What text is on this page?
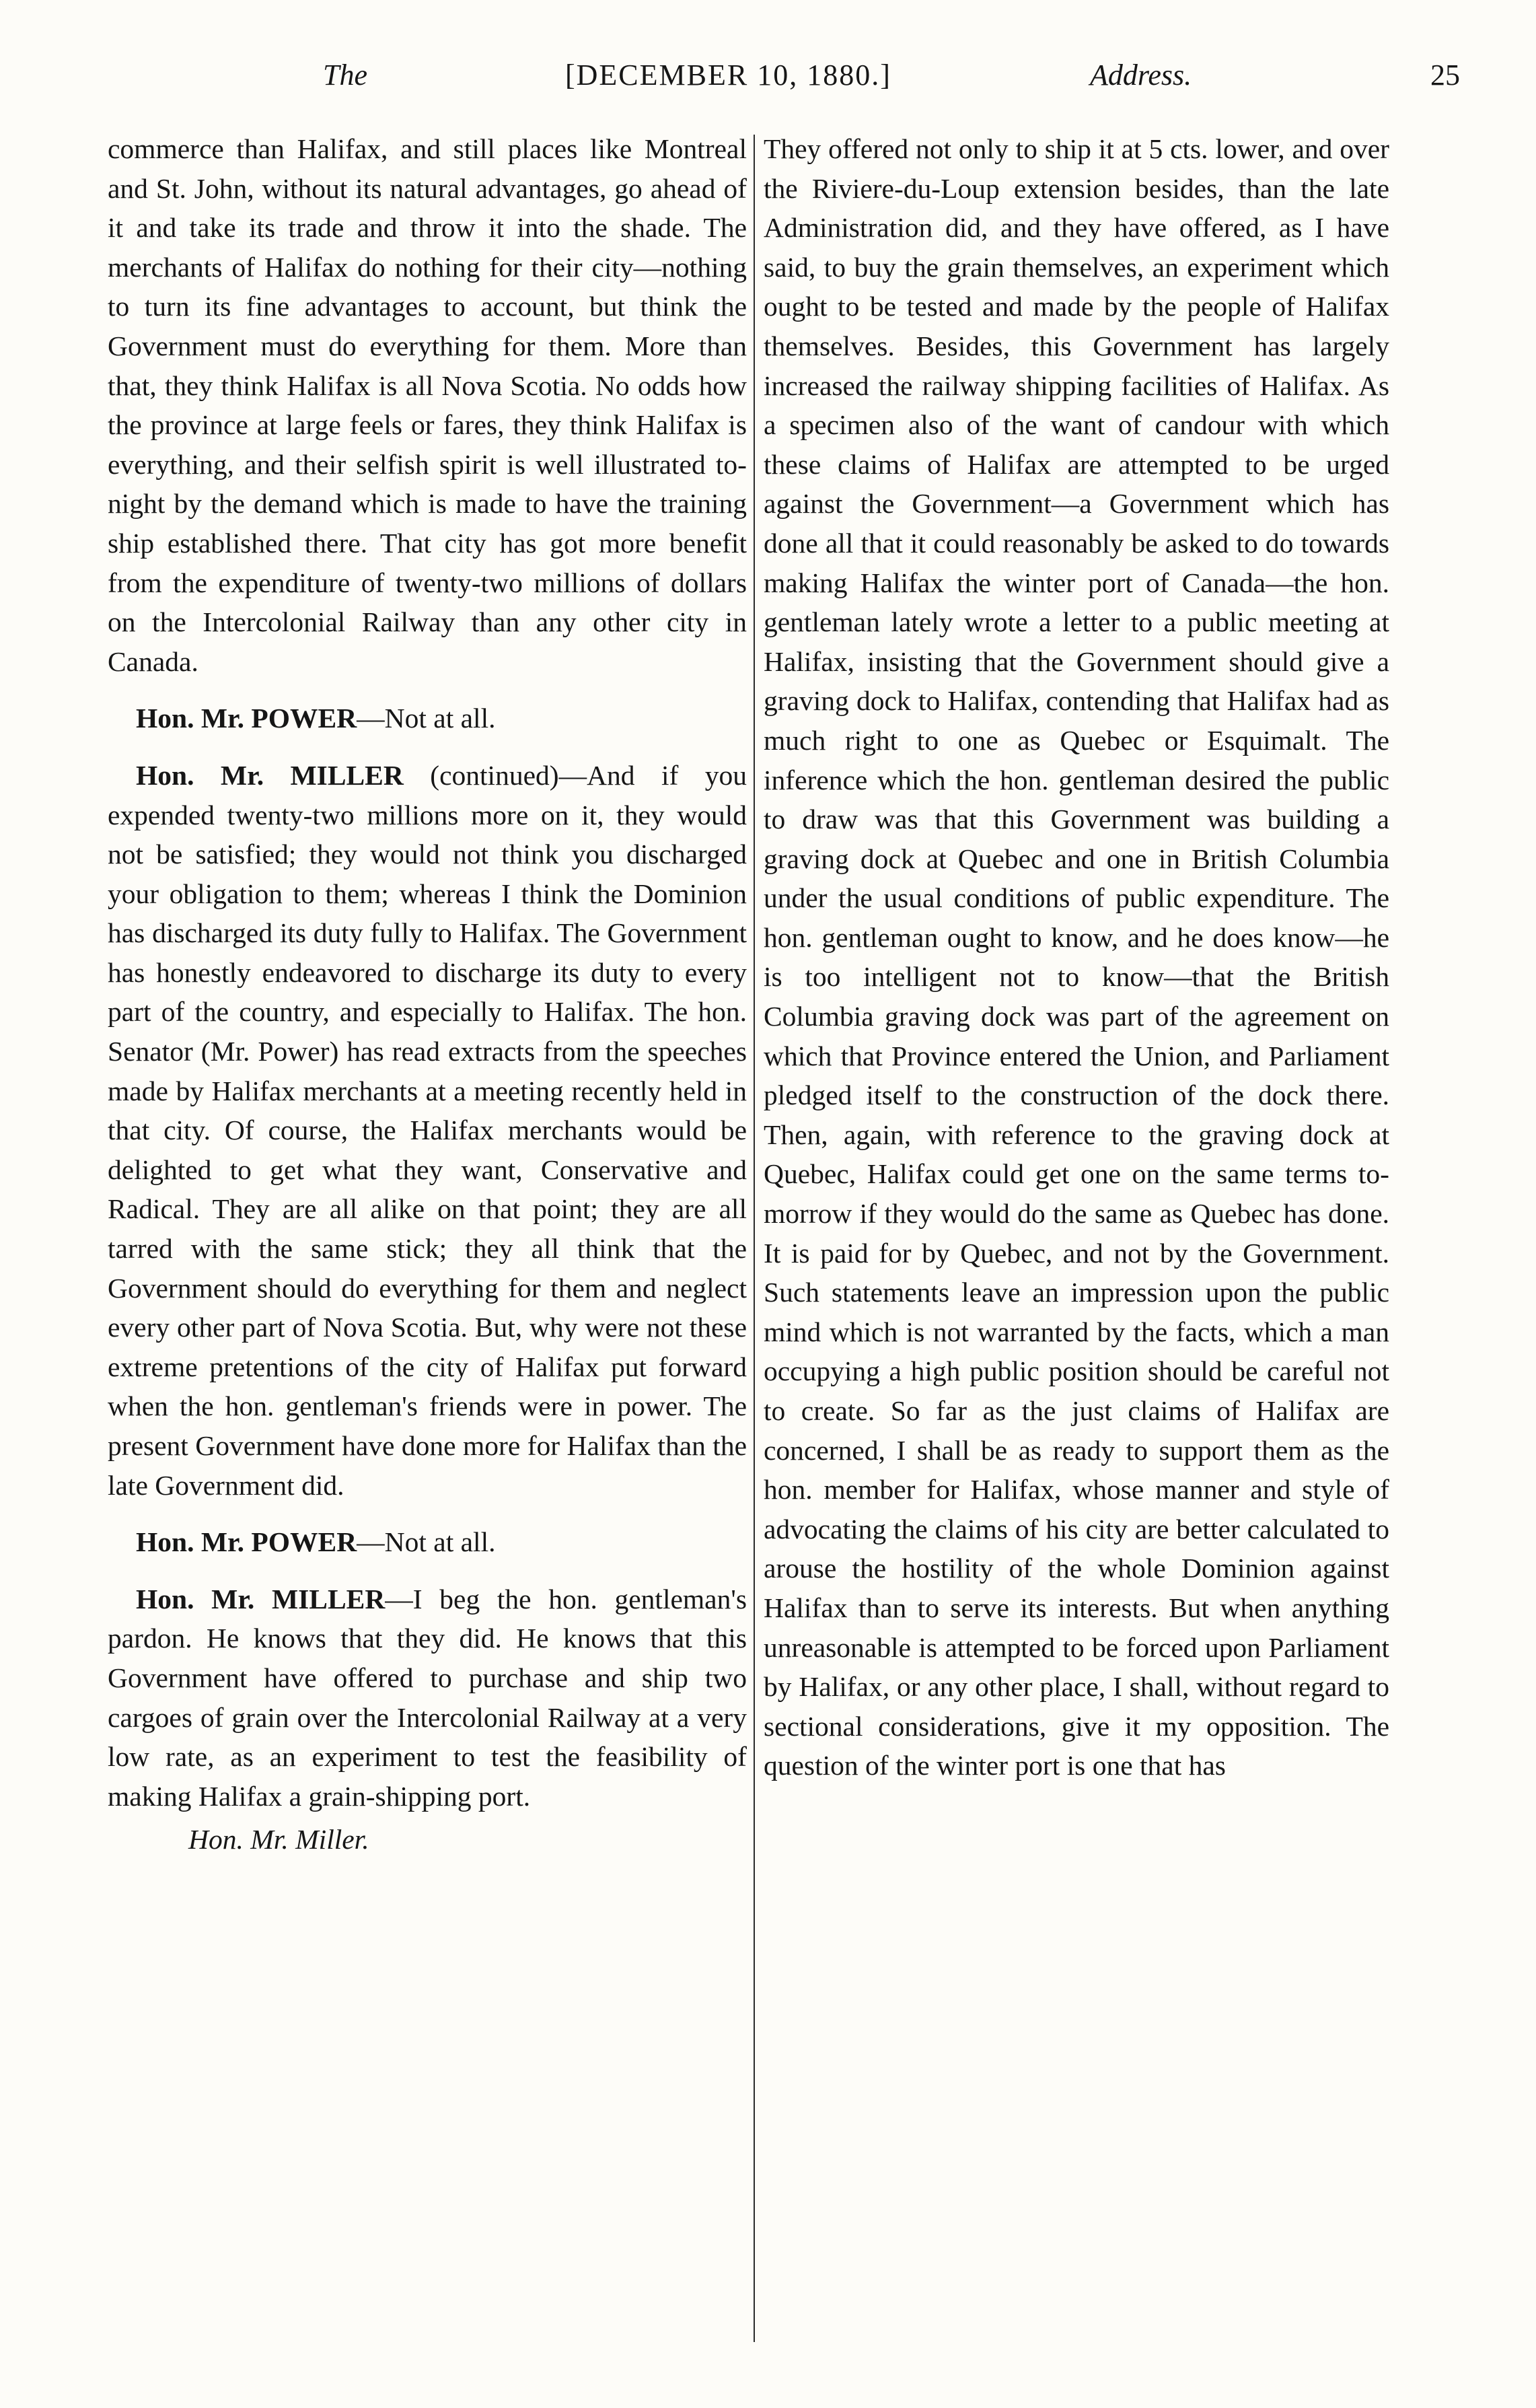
The	[DECEMBER 10, 1880.]	Address.	25

commerce than Halifax, and still places like Montreal and St. John, without its natural advantages, go ahead of it and take its trade and throw it into the shade. The merchants of Halifax do nothing for their city—nothing to turn its fine advantages to account, but think the Government must do everything for them. More than that, they think Halifax is all Nova Scotia. No odds how the province at large feels or fares, they think Halifax is everything, and their selfish spirit is well illustrated to-night by the demand which is made to have the training ship established there. That city has got more benefit from the expenditure of twenty-two millions of dollars on the Intercolonial Railway than any other city in Canada.

Hon. Mr. POWER—Not at all.

Hon. Mr. MILLER (continued)—And if you expended twenty-two millions more on it, they would not be satisfied; they would not think you discharged your obligation to them; whereas I think the Dominion has discharged its duty fully to Halifax. The Government has honestly endeavored to discharge its duty to every part of the country, and especially to Halifax. The hon. Senator (Mr. Power) has read extracts from the speeches made by Halifax merchants at a meeting recently held in that city. Of course, the Halifax merchants would be delighted to get what they want, Conservative and Radical. They are all alike on that point; they are all tarred with the same stick; they all think that the Government should do everything for them and neglect every other part of Nova Scotia. But, why were not these extreme pretentions of the city of Halifax put forward when the hon. gentleman's friends were in power. The present Government have done more for Halifax than the late Government did.

Hon. Mr. POWER—Not at all.

Hon. Mr. MILLER—I beg the hon. gentleman's pardon. He knows that they did. He knows that this Government have offered to purchase and ship two cargoes of grain over the Intercolonial Railway at a very low rate, as an experiment to test the feasibility of making Halifax a grain-shipping port.

Hon. Mr. Miller.

They offered not only to ship it at 5 cts. lower, and over the Riviere-du-Loup extension besides, than the late Administration did, and they have offered, as I have said, to buy the grain themselves, an experiment which ought to be tested and made by the people of Halifax themselves. Besides, this Government has largely increased the railway shipping facilities of Halifax. As a specimen also of the want of candour with which these claims of Halifax are attempted to be urged against the Government—a Government which has done all that it could reasonably be asked to do towards making Halifax the winter port of Canada—the hon. gentleman lately wrote a letter to a public meeting at Halifax, insisting that the Government should give a graving dock to Halifax, contending that Halifax had as much right to one as Quebec or Esquimalt. The inference which the hon. gentleman desired the public to draw was that this Government was building a graving dock at Quebec and one in British Columbia under the usual conditions of public expenditure. The hon. gentleman ought to know, and he does know—he is too intelligent not to know—that the British Columbia graving dock was part of the agreement on which that Province entered the Union, and Parliament pledged itself to the construction of the dock there. Then, again, with reference to the graving dock at Quebec, Halifax could get one on the same terms to-morrow if they would do the same as Quebec has done. It is paid for by Quebec, and not by the Government. Such statements leave an impression upon the public mind which is not warranted by the facts, which a man occupying a high public position should be careful not to create. So far as the just claims of Halifax are concerned, I shall be as ready to support them as the hon. member for Halifax, whose manner and style of advocating the claims of his city are better calculated to arouse the hostility of the whole Dominion against Halifax than to serve its interests. But when anything unreasonable is attempted to be forced upon Parliament by Halifax, or any other place, I shall, without regard to sectional considerations, give it my opposition. The question of the winter port is one that has
